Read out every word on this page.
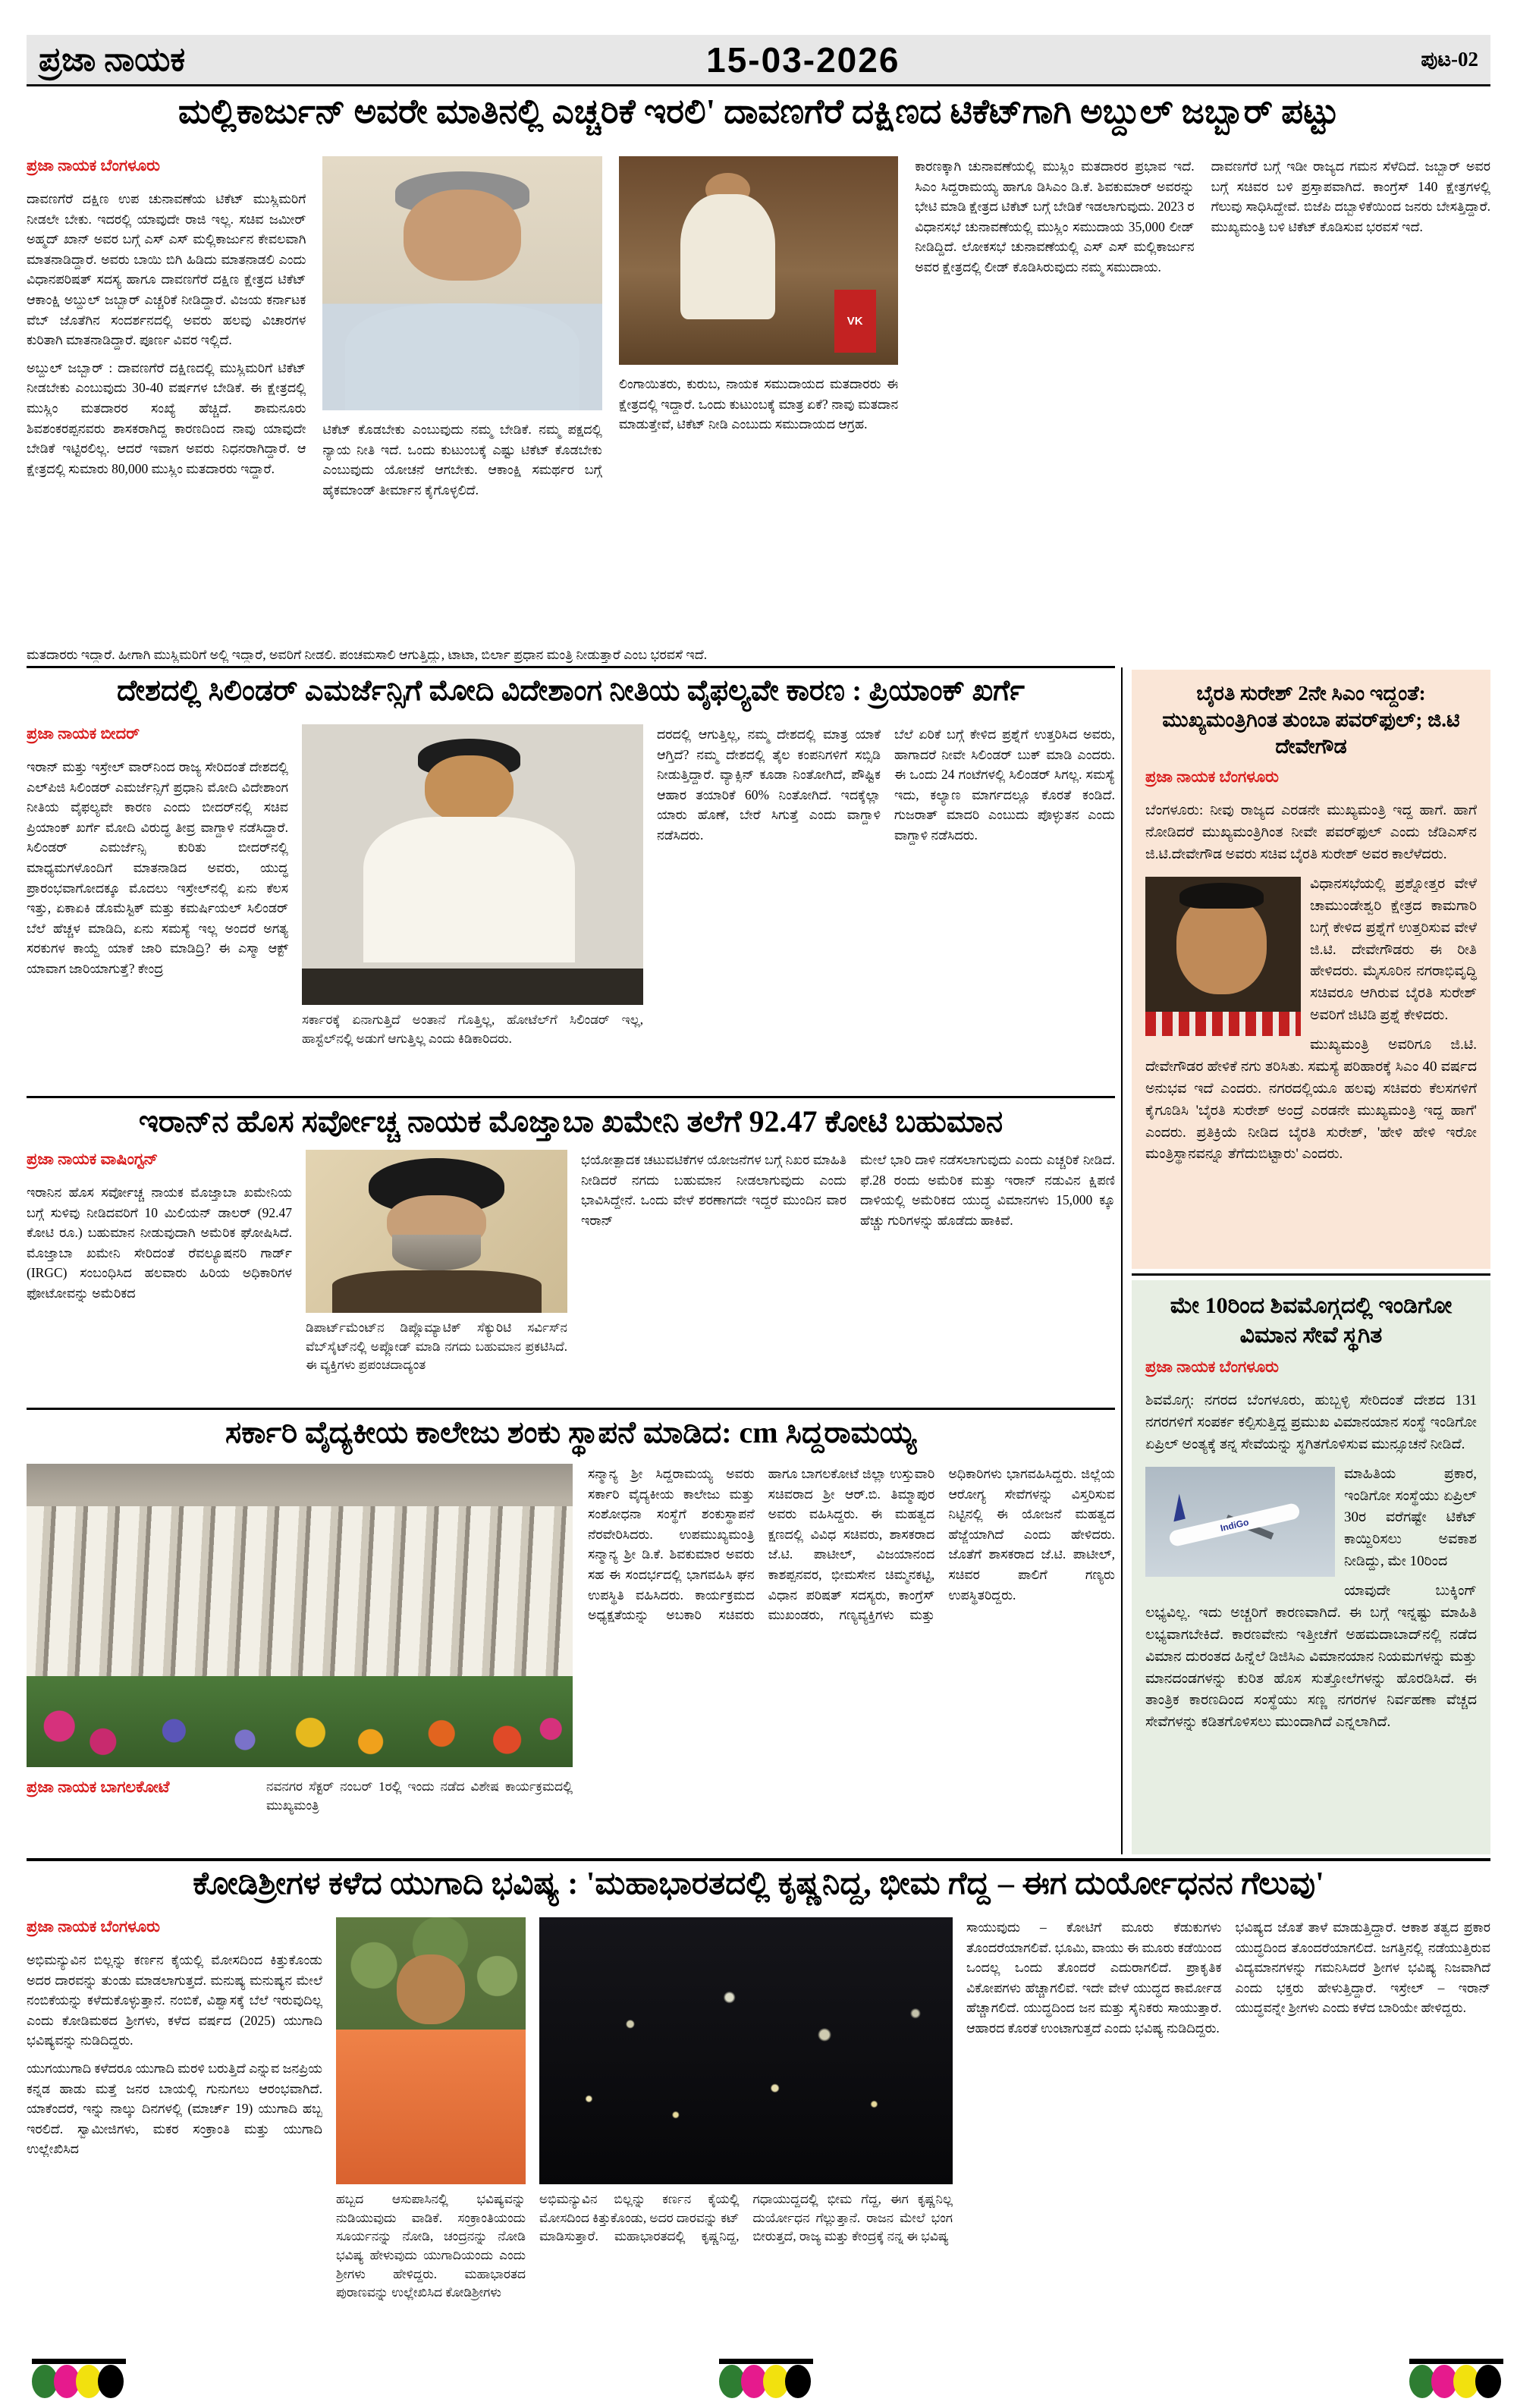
ಪ್ರಜಾ ನಾಯಕ	15-03-2026	ಪುಟ-02
ಮಲ್ಲಿಕಾರ್ಜುನ್ ಅವರೇ ಮಾತಿನಲ್ಲಿ ಎಚ್ಚರಿಕೆ ಇರಲಿ' ದಾವಣಗೆರೆ ದಕ್ಷಿಣದ ಟಿಕೆಟ್‌ಗಾಗಿ ಅಬ್ದುಲ್ ಜಬ್ಬಾರ್ ಪಟ್ಟು
ಪ್ರಜಾ ನಾಯಕ ಬೆಂಗಳೂರು

ದಾವಣಗೆರೆ ದಕ್ಷಿಣ ಉಪ ಚುನಾವಣೆಯ ಟಿಕೆಟ್ ಮುಸ್ಲಿಮರಿಗೆ ನೀಡಲೇ ಬೇಕು. ಇದರಲ್ಲಿ ಯಾವುದೇ ರಾಜಿ ಇಲ್ಲ. ಸಚಿವ ಜಮೀರ್ ಅಹ್ಮದ್ ಖಾನ್ ಅವರ ಬಗ್ಗೆ ಎಸ್ ಎಸ್ ಮಲ್ಲಿಕಾರ್ಜುನ ಕೇವಲವಾಗಿ ಮಾತನಾಡಿದ್ದಾರೆ. ಅವರು ಬಾಯಿ ಬಿಗಿ ಹಿಡಿದು ಮಾತನಾಡಲಿ ಎಂದು ವಿಧಾನಪರಿಷತ್ ಸದಸ್ಯ ಹಾಗೂ ದಾವಣಗೆರೆ ದಕ್ಷಿಣ ಕ್ಷೇತ್ರದ ಟಿಕೆಟ್ ಆಕಾಂಕ್ಷಿ ಅಬ್ದುಲ್ ಜಬ್ಬಾರ್ ಎಚ್ಚರಿಕೆ ನೀಡಿದ್ದಾರೆ. ವಿಜಯ ಕರ್ನಾಟಕ ವೆಬ್ ಜೊತೆಗಿನ ಸಂದರ್ಶನದಲ್ಲಿ ಅವರು ಹಲವು ವಿಚಾರಗಳ ಕುರಿತಾಗಿ ಮಾತನಾಡಿದ್ದಾರೆ. ಪೂರ್ಣ ವಿವರ ಇಲ್ಲಿದೆ.

ಅಬ್ದುಲ್ ಜಬ್ಬಾರ್ : ದಾವಣಗೆರೆ ದಕ್ಷಿಣದಲ್ಲಿ ಮುಸ್ಲಿಮರಿಗೆ ಟಿಕೆಟ್ ನೀಡಬೇಕು ಎಂಬುವುದು 30-40 ವರ್ಷಗಳ ಬೇಡಿಕೆ. ಈ ಕ್ಷೇತ್ರದಲ್ಲಿ ಮುಸ್ಲಿಂ ಮತದಾರರ ಸಂಖ್ಯೆ ಹೆಚ್ಚಿದೆ. ಶಾಮನೂರು ಶಿವಶಂಕರಪ್ಪನವರು ಶಾಸಕರಾಗಿದ್ದ ಕಾರಣದಿಂದ ನಾವು ಯಾವುದೇ ಬೇಡಿಕೆ ಇಟ್ಟಿರಲಿಲ್ಲ. ಆದರೆ ಇವಾಗ ಅವರು ನಿಧನರಾಗಿದ್ದಾರೆ. ಆ ಕ್ಷೇತ್ರದಲ್ಲಿ ಸುಮಾರು 80,000 ಮುಸ್ಲಿಂ ಮತದಾರರು ಇದ್ದಾರೆ.

ಟಿಕೆಟ್ ಕೊಡಬೇಕು ಎಂಬುವುದು ನಮ್ಮ ಬೇಡಿಕೆ. ನಮ್ಮ ಪಕ್ಷದಲ್ಲಿ ನ್ಯಾಯ ನೀತಿ ಇದೆ. ಒಂದು ಕುಟುಂಬಕ್ಕೆ ಎಷ್ಟು ಟಿಕೆಟ್ ಕೊಡಬೇಕು ಎಂಬುವುದು ಯೋಚನೆ ಆಗಬೇಕು. ಆಕಾಂಕ್ಷಿ ಸಮರ್ಥರ ಬಗ್ಗೆ ಹೈಕಮಾಂಡ್ ತೀರ್ಮಾನ ಕೈಗೊಳ್ಳಲಿದೆ.

VK

ಲಿಂಗಾಯಿತರು, ಕುರುಬ, ನಾಯಕ ಸಮುದಾಯದ ಮತದಾರರು ಈ ಕ್ಷೇತ್ರದಲ್ಲಿ ಇದ್ದಾರೆ. ಒಂದು ಕುಟುಂಬಕ್ಕೆ ಮಾತ್ರ ಏಕೆ? ನಾವು ಮತದಾನ ಮಾಡುತ್ತೇವೆ, ಟಿಕೆಟ್ ನೀಡಿ ಎಂಬುದು ಸಮುದಾಯದ ಆಗ್ರಹ.

ಕಾರಣಕ್ಕಾಗಿ ಚುನಾವಣೆಯಲ್ಲಿ ಮುಸ್ಲಿಂ ಮತದಾರರ ಪ್ರಭಾವ ಇದೆ. ಸಿಎಂ ಸಿದ್ದರಾಮಯ್ಯ ಹಾಗೂ ಡಿಸಿಎಂ ಡಿ.ಕೆ. ಶಿವಕುಮಾರ್ ಅವರನ್ನು ಭೇಟಿ ಮಾಡಿ ಕ್ಷೇತ್ರದ ಟಿಕೆಟ್ ಬಗ್ಗೆ ಬೇಡಿಕೆ ಇಡಲಾಗುವುದು. 2023 ರ ವಿಧಾನಸಭೆ ಚುನಾವಣೆಯಲ್ಲಿ ಮುಸ್ಲಿಂ ಸಮುದಾಯ 35,000 ಲೀಡ್ ನೀಡಿದ್ದಿದೆ. ಲೋಕಸಭೆ ಚುನಾವಣೆಯಲ್ಲಿ ಎಸ್ ಎಸ್ ಮಲ್ಲಿಕಾರ್ಜುನ ಅವರ ಕ್ಷೇತ್ರದಲ್ಲಿ ಲೀಡ್ ಕೊಡಿಸಿರುವುದು ನಮ್ಮ ಸಮುದಾಯ.

ದಾವಣಗೆರೆ ಬಗ್ಗೆ ಇಡೀ ರಾಜ್ಯದ ಗಮನ ಸೆಳೆದಿದೆ. ಜಬ್ಬಾರ್ ಅವರ ಬಗ್ಗೆ ಸಚಿವರ ಬಳಿ ಪ್ರಸ್ತಾಪವಾಗಿದೆ. ಕಾಂಗ್ರೆಸ್ 140 ಕ್ಷೇತ್ರಗಳಲ್ಲಿ ಗೆಲುವು ಸಾಧಿಸಿದ್ದೇವೆ. ಬಿಜೆಪಿ ದಬ್ಬಾಳಿಕೆಯಿಂದ ಜನರು ಬೇಸತ್ತಿದ್ದಾರೆ. ಮುಖ್ಯಮಂತ್ರಿ ಬಳಿ ಟಿಕೆಟ್ ಕೊಡಿಸುವ ಭರವಸೆ ಇದೆ.

ಮತದಾರರು ಇದ್ದಾರೆ. ಹೀಗಾಗಿ ಮುಸ್ಲಿಮರಿಗೆ ಅಲ್ಲಿ ಇದ್ದಾರೆ, ಅವರಿಗೆ ನೀಡಲಿ. ಪಂಚಮಸಾಲಿ ಆಗುತ್ತಿದ್ದು, ಟಾಟಾ, ಬಿರ್ಲಾ ಪ್ರಧಾನ ಮಂತ್ರಿ ನೀಡುತ್ತಾರೆ ಎಂಬ ಭರವಸೆ ಇದೆ.
ದೇಶದಲ್ಲಿ ಸಿಲಿಂಡರ್ ಎಮರ್ಜೆನ್ಸಿಗೆ ಮೋದಿ ವಿದೇಶಾಂಗ ನೀತಿಯ ವೈಫಲ್ಯವೇ ಕಾರಣ : ಪ್ರಿಯಾಂಕ್ ಖರ್ಗೆ
ಪ್ರಜಾ ನಾಯಕ ಬೀದರ್

ಇರಾನ್ ಮತ್ತು ಇಸ್ರೇಲ್ ವಾರ್‌ನಿಂದ ರಾಜ್ಯ ಸೇರಿದಂತೆ ದೇಶದಲ್ಲಿ ಎಲ್‌ಪಿಜಿ ಸಿಲಿಂಡರ್ ಎಮರ್ಜೆನ್ಸಿಗೆ ಪ್ರಧಾನಿ ಮೋದಿ ವಿದೇಶಾಂಗ ನೀತಿಯ ವೈಫಲ್ಯವೇ ಕಾರಣ ಎಂದು ಬೀದರ್‌ನಲ್ಲಿ ಸಚಿವ ಪ್ರಿಯಾಂಕ್ ಖರ್ಗೆ ಮೋದಿ ವಿರುದ್ಧ ತೀವ್ರ ವಾಗ್ದಾಳಿ ನಡೆಸಿದ್ದಾರೆ. ಸಿಲಿಂಡರ್ ಎಮರ್ಜೆನ್ಸಿ ಕುರಿತು ಬೀದರ್‌ನಲ್ಲಿ ಮಾಧ್ಯಮಗಳೊಂದಿಗೆ ಮಾತನಾಡಿದ ಅವರು, ಯುದ್ಧ ಪ್ರಾರಂಭವಾಗೋದಕ್ಕೂ ಮೊದಲು ಇಸ್ರೇಲ್‌ನಲ್ಲಿ ಏನು ಕೆಲಸ ಇತ್ತು, ಏಕಾಏಕಿ ಡೊಮೆಸ್ಟಿಕ್ ಮತ್ತು ಕಮರ್ಷಿಯಲ್ ಸಿಲಿಂಡರ್ ಬೆಲೆ ಹೆಚ್ಚಳ ಮಾಡಿದಿ, ಏನು ಸಮಸ್ಯೆ ಇಲ್ಲ ಅಂದರೆ ಅಗತ್ಯ ಸರಕುಗಳ ಕಾಯ್ದೆ ಯಾಕೆ ಜಾರಿ ಮಾಡಿದ್ರಿ? ಈ ಎಸ್ಮಾ ಆಕ್ಟ್ ಯಾವಾಗ ಜಾರಿಯಾಗುತ್ತೆ? ಕೇಂದ್ರ

ಸರ್ಕಾರಕ್ಕೆ ಏನಾಗುತ್ತಿದೆ ಅಂತಾನೆ ಗೊತ್ತಿಲ್ಲ, ಹೋಟೆಲ್‌ಗೆ ಸಿಲಿಂಡರ್ ಇಲ್ಲ, ಹಾಸ್ಟೆಲ್‌ನಲ್ಲಿ ಅಡುಗೆ ಆಗುತ್ತಿಲ್ಲ ಎಂದು ಕಿಡಿಕಾರಿದರು.

ದರದಲ್ಲಿ ಆಗುತ್ತಿಲ್ಲ, ನಮ್ಮ ದೇಶದಲ್ಲಿ ಮಾತ್ರ ಯಾಕೆ ಆಗ್ತಿದೆ? ನಮ್ಮ ದೇಶದಲ್ಲಿ ತೈಲ ಕಂಪನಿಗಳಿಗೆ ಸಬ್ಸಿಡಿ ನೀಡುತ್ತಿದ್ದಾರೆ. ವ್ಯಾಕ್ಸಿನ್ ಕೂಡಾ ನಿಂತೋಗಿದೆ, ಪೌಷ್ಟಿಕ ಆಹಾರ ತಯಾರಿಕೆ 60% ನಿಂತೋಗಿದೆ. ಇದಕ್ಕೆಲ್ಲಾ ಯಾರು ಹೊಣೆ, ಬೇರೆ ಸಿಗುತ್ತೆ ಎಂದು ವಾಗ್ದಾಳಿ ನಡೆಸಿದರು.

ಬೆಲೆ ಏರಿಕೆ ಬಗ್ಗೆ ಕೇಳಿದ ಪ್ರಶ್ನೆಗೆ ಉತ್ತರಿಸಿದ ಅವರು, ಹಾಗಾದರೆ ನೀವೇ ಸಿಲಿಂಡರ್ ಬುಕ್ ಮಾಡಿ ಎಂದರು. ಈ ಒಂದು 24 ಗಂಟೆಗಳಲ್ಲಿ ಸಿಲಿಂಡರ್ ಸಿಗಲ್ಲ. ಸಮಸ್ಯೆ ಇದು, ಕಲ್ಯಾಣ ಮಾರ್ಗದಲ್ಲೂ ಕೊರತೆ ಕಂಡಿದೆ. ಗುಜರಾತ್ ಮಾದರಿ ಎಂಬುದು ಪೊಳ್ಳುತನ ಎಂದು ವಾಗ್ದಾಳಿ ನಡೆಸಿದರು.

ಇರಾನ್‌ನ ಹೊಸ ಸರ್ವೋಚ್ಚ ನಾಯಕ ಮೊಜ್ತಾಬಾ ಖಮೇನಿ ತಲೆಗೆ 92.47 ಕೋಟಿ ಬಹುಮಾನ
ಪ್ರಜಾ ನಾಯಕ ವಾಷಿಂಗ್ಟನ್

ಇರಾನಿನ ಹೊಸ ಸರ್ವೋಚ್ಚ ನಾಯಕ ಮೊಜ್ತಾಬಾ ಖಮೇನಿಯ ಬಗ್ಗೆ ಸುಳಿವು ನೀಡಿದವರಿಗೆ 10 ಮಿಲಿಯನ್ ಡಾಲರ್ (92.47 ಕೋಟಿ ರೂ.) ಬಹುಮಾನ ನೀಡುವುದಾಗಿ ಅಮೆರಿಕ ಘೋಷಿಸಿದೆ. ಮೊಜ್ತಾಬಾ ಖಮೇನಿ ಸೇರಿದಂತೆ ರೆವಲ್ಯೂಷನರಿ ಗಾರ್ಡ್ (IRGC) ಸಂಬಂಧಿಸಿದ ಹಲವಾರು ಹಿರಿಯ ಅಧಿಕಾರಿಗಳ ಫೋಟೋವನ್ನು ಅಮೆರಿಕದ

ಡಿಪಾರ್ಟ್‌ಮೆಂಟ್‌ನ ಡಿಪ್ಲೊಮ್ಯಾಟಿಕ್ ಸೆಕ್ಯುರಿಟಿ ಸರ್ವಿಸ್‌ನ ವೆಬ್‌ಸೈಟ್‌ನಲ್ಲಿ ಅಪ್ಲೋಡ್ ಮಾಡಿ ನಗದು ಬಹುಮಾನ ಪ್ರಕಟಿಸಿದೆ. ಈ ವ್ಯಕ್ತಿಗಳು ಪ್ರಪಂಚದಾದ್ಯಂತ

ಭಯೋತ್ಪಾದಕ ಚಟುವಟಿಕೆಗಳ ಯೋಜನೆಗಳ ಬಗ್ಗೆ ನಿಖರ ಮಾಹಿತಿ ನೀಡಿದರೆ ನಗದು ಬಹುಮಾನ ನೀಡಲಾಗುವುದು ಎಂದು ಭಾವಿಸಿದ್ದೇನೆ. ಒಂದು ವೇಳೆ ಶರಣಾಗದೇ ಇದ್ದರೆ ಮುಂದಿನ ವಾರ ಇರಾನ್

ಮೇಲೆ ಭಾರಿ ದಾಳಿ ನಡೆಸಲಾಗುವುದು ಎಂದು ಎಚ್ಚರಿಕೆ ನೀಡಿದೆ. ಫೆ.28 ರಂದು ಅಮೆರಿಕ ಮತ್ತು ಇರಾನ್ ನಡುವಿನ ಕ್ಷಿಪಣಿ ದಾಳಿಯಲ್ಲಿ ಅಮೆರಿಕದ ಯುದ್ಧ ವಿಮಾನಗಳು 15,000 ಕ್ಕೂ ಹೆಚ್ಚು ಗುರಿಗಳನ್ನು ಹೊಡೆದು ಹಾಕಿವೆ.

ಸರ್ಕಾರಿ ವೈದ್ಯಕೀಯ ಕಾಲೇಜು ಶಂಕು ಸ್ಥಾಪನೆ ಮಾಡಿದ: cm ಸಿದ್ದರಾಮಯ್ಯ
ಪ್ರಜಾ ನಾಯಕ ಬಾಗಲಕೋಟೆ	ನವನಗರ ಸೆಕ್ಟರ್ ನಂಬರ್ 1ರಲ್ಲಿ ಇಂದು ನಡೆದ ವಿಶೇಷ ಕಾರ್ಯಕ್ರಮದಲ್ಲಿ ಮುಖ್ಯಮಂತ್ರಿ
ಸನ್ಮಾನ್ಯ ಶ್ರೀ ಸಿದ್ದರಾಮಯ್ಯ ಅವರು ಸರ್ಕಾರಿ ವೈದ್ಯಕೀಯ ಕಾಲೇಜು ಮತ್ತು ಸಂಶೋಧನಾ ಸಂಸ್ಥೆಗೆ ಶಂಕುಸ್ಥಾಪನೆ ನೆರವೇರಿಸಿದರು. ಉಪಮುಖ್ಯಮಂತ್ರಿ ಸನ್ಮಾನ್ಯ ಶ್ರೀ ಡಿ.ಕೆ. ಶಿವಕುಮಾರ ಅವರು ಸಹ ಈ ಸಂದರ್ಭದಲ್ಲಿ ಭಾಗವಹಿಸಿ ಘನ ಉಪಸ್ಥಿತಿ ವಹಿಸಿದರು. ಕಾರ್ಯಕ್ರಮದ ಅಧ್ಯಕ್ಷತೆಯನ್ನು ಅಬಕಾರಿ ಸಚಿವರು ಹಾಗೂ ಬಾಗಲಕೋಟೆ ಜಿಲ್ಲಾ ಉಸ್ತುವಾರಿ ಸಚಿವರಾದ ಶ್ರೀ ಆರ್.ಬಿ. ತಿಮ್ಮಾಪುರ ಅವರು ವಹಿಸಿದ್ದರು. ಈ ಮಹತ್ವದ ಕ್ಷಣದಲ್ಲಿ ವಿವಿಧ ಸಚಿವರು, ಶಾಸಕರಾದ ಜೆ.ಟಿ. ಪಾಟೀಲ್, ವಿಜಯಾನಂದ ಕಾಶಪ್ಪನವರ, ಭೀಮಸೇನ ಚಿಮ್ಮನಕಟ್ಟಿ, ವಿಧಾನ ಪರಿಷತ್ ಸದಸ್ಯರು, ಕಾಂಗ್ರೆಸ್ ಮುಖಂಡರು, ಗಣ್ಯವ್ಯಕ್ತಿಗಳು ಮತ್ತು ಅಧಿಕಾರಿಗಳು ಭಾಗವಹಿಸಿದ್ದರು. ಜಿಲ್ಲೆಯ ಆರೋಗ್ಯ ಸೇವೆಗಳನ್ನು ವಿಸ್ತರಿಸುವ ನಿಟ್ಟಿನಲ್ಲಿ ಈ ಯೋಜನೆ ಮಹತ್ವದ ಹೆಜ್ಜೆಯಾಗಿದೆ ಎಂದು ಹೇಳಿದರು. ಜೊತೆಗೆ ಶಾಸಕರಾದ ಜೆ.ಟಿ. ಪಾಟೀಲ್, ಸಚಿವರ ಪಾಲಿಗೆ ಗಣ್ಯರು ಉಪಸ್ಥಿತರಿದ್ದರು.
ಬೈರತಿ ಸುರೇಶ್ 2ನೇ ಸಿಎಂ ಇದ್ದಂತೆ: ಮುಖ್ಯಮಂತ್ರಿಗಿಂತ ತುಂಬಾ ಪವರ್‌ಫುಲ್; ಜಿ.ಟಿ ದೇವೇಗೌಡ
ಪ್ರಜಾ ನಾಯಕ ಬೆಂಗಳೂರು

ಬೆಂಗಳೂರು: ನೀವು ರಾಜ್ಯದ ಎರಡನೇ ಮುಖ್ಯಮಂತ್ರಿ ಇದ್ದ ಹಾಗೆ. ಹಾಗೆ ನೋಡಿದರೆ ಮುಖ್ಯಮಂತ್ರಿಗಿಂತ ನೀವೇ ಪವರ್‌ಫುಲ್ ಎಂದು ಜೆಡಿಎಸ್‌ನ ಜಿ.ಟಿ.ದೇವೇಗೌಡ ಅವರು ಸಚಿವ ಬೈರತಿ ಸುರೇಶ್ ಅವರ ಕಾಲೆಳೆದರು.

ವಿಧಾನಸಭೆಯಲ್ಲಿ ಪ್ರಶ್ನೋತ್ತರ ವೇಳೆ ಚಾಮುಂಡೇಶ್ವರಿ ಕ್ಷೇತ್ರದ ಕಾಮಗಾರಿ ಬಗ್ಗೆ ಕೇಳಿದ ಪ್ರಶ್ನೆಗೆ ಉತ್ತರಿಸುವ ವೇಳೆ ಜಿ.ಟಿ. ದೇವೇಗೌಡರು ಈ ರೀತಿ ಹೇಳಿದರು. ಮೈಸೂರಿನ ನಗರಾಭಿವೃದ್ಧಿ ಸಚಿವರೂ ಆಗಿರುವ ಬೈರತಿ ಸುರೇಶ್ ಅವರಿಗೆ ಜಿಟಿಡಿ ಪ್ರಶ್ನೆ ಕೇಳಿದರು.

ಮುಖ್ಯಮಂತ್ರಿ ಅವರಿಗೂ ಜಿ.ಟಿ. ದೇವೇಗೌಡರ ಹೇಳಿಕೆ ನಗು ತರಿಸಿತು. ಸಮಸ್ಯೆ ಪರಿಹಾರಕ್ಕೆ ಸಿಎಂ 40 ವರ್ಷದ ಅನುಭವ ಇದೆ ಎಂದರು. ನಗರದಲ್ಲಿಯೂ ಹಲವು ಸಚಿವರು ಕೆಲಸಗಳಿಗೆ ಕೈಗೂಡಿಸಿ 'ಬೈರತಿ ಸುರೇಶ್ ಅಂದ್ರೆ ಎರಡನೇ ಮುಖ್ಯಮಂತ್ರಿ ಇದ್ದ ಹಾಗೆ' ಎಂದರು. ಪ್ರತಿಕ್ರಿಯೆ ನೀಡಿದ ಬೈರತಿ ಸುರೇಶ್, 'ಹೇಳಿ ಹೇಳಿ ಇರೋ ಮಂತ್ರಿಸ್ಥಾನವನ್ನೂ ತೆಗೆದುಬಿಟ್ಟಾರು' ಎಂದರು.

ಮೇ 10ರಿಂದ ಶಿವಮೊಗ್ಗದಲ್ಲಿ ಇಂಡಿಗೋ ವಿಮಾನ ಸೇವೆ ಸ್ಥಗಿತ
ಪ್ರಜಾ ನಾಯಕ ಬೆಂಗಳೂರು

ಶಿವಮೊಗ್ಗ: ನಗರದ ಬೆಂಗಳೂರು, ಹುಬ್ಬಳ್ಳಿ ಸೇರಿದಂತೆ ದೇಶದ 131 ನಗರಗಳಿಗೆ ಸಂಪರ್ಕ ಕಲ್ಪಿಸುತ್ತಿದ್ದ ಪ್ರಮುಖ ವಿಮಾನಯಾನ ಸಂಸ್ಥೆ ಇಂಡಿಗೋ ಏಪ್ರಿಲ್ ಅಂತ್ಯಕ್ಕೆ ತನ್ನ ಸೇವೆಯನ್ನು ಸ್ಥಗಿತಗೊಳಿಸುವ ಮುನ್ಸೂಚನೆ ನೀಡಿದೆ.

IndiGo

ಮಾಹಿತಿಯ ಪ್ರಕಾರ, ಇಂಡಿಗೋ ಸಂಸ್ಥೆಯು ಏಪ್ರಿಲ್ 30ರ ವರೆಗಷ್ಟೇ ಟಿಕೆಟ್ ಕಾಯ್ದಿರಿಸಲು ಅವಕಾಶ ನೀಡಿದ್ದು, ಮೇ 10ರಿಂದ

ಯಾವುದೇ ಬುಕ್ಕಿಂಗ್ ಲಭ್ಯವಿಲ್ಲ. ಇದು ಅಚ್ಚರಿಗೆ ಕಾರಣವಾಗಿದೆ. ಈ ಬಗ್ಗೆ ಇನ್ನಷ್ಟು ಮಾಹಿತಿ ಲಭ್ಯವಾಗಬೇಕಿದೆ. ಕಾರಣವೇನು ಇತ್ತೀಚೆಗೆ ಅಹಮದಾಬಾದ್‌ನಲ್ಲಿ ನಡೆದ ವಿಮಾನ ದುರಂತದ ಹಿನ್ನೆಲೆ ಡಿಜಿಸಿಎ ವಿಮಾನಯಾನ ನಿಯಮಗಳನ್ನು ಮತ್ತು ಮಾನದಂಡಗಳನ್ನು ಕುರಿತ ಹೊಸ ಸುತ್ತೋಲೆಗಳನ್ನು ಹೊರಡಿಸಿದೆ. ಈ ತಾಂತ್ರಿಕ ಕಾರಣದಿಂದ ಸಂಸ್ಥೆಯು ಸಣ್ಣ ನಗರಗಳ ನಿರ್ವಹಣಾ ವೆಚ್ಚದ ಸೇವೆಗಳನ್ನು ಕಡಿತಗೊಳಿಸಲು ಮುಂದಾಗಿದೆ ಎನ್ನಲಾಗಿದೆ.

ಕೋಡಿಶ್ರೀಗಳ ಕಳೆದ ಯುಗಾದಿ ಭವಿಷ್ಯ : 'ಮಹಾಭಾರತದಲ್ಲಿ ಕೃಷ್ಣನಿದ್ದ, ಭೀಮ ಗೆದ್ದ – ಈಗ ದುರ್ಯೋಧನನ ಗೆಲುವು'
ಪ್ರಜಾ ನಾಯಕ ಬೆಂಗಳೂರು

ಅಭಿಮನ್ಯುವಿನ ಬಿಲ್ಲನ್ನು ಕರ್ಣನ ಕೈಯಲ್ಲಿ ಮೋಸದಿಂದ ಕಿತ್ತುಕೊಂಡು ಅದರ ದಾರವನ್ನು ತುಂಡು ಮಾಡಲಾಗುತ್ತದೆ. ಮನುಷ್ಯ ಮನುಷ್ಯನ ಮೇಲೆ ನಂಬಿಕೆಯನ್ನು ಕಳೆದುಕೊಳ್ಳುತ್ತಾನೆ. ನಂಬಿಕೆ, ವಿಶ್ವಾಸಕ್ಕೆ ಬೆಲೆ ಇರುವುದಿಲ್ಲ ಎಂದು ಕೋಡಿಮಠದ ಶ್ರೀಗಳು, ಕಳೆದ ವರ್ಷದ (2025) ಯುಗಾದಿ ಭವಿಷ್ಯವನ್ನು ನುಡಿದಿದ್ದರು.

ಯುಗಯುಗಾದಿ ಕಳೆದರೂ ಯುಗಾದಿ ಮರಳಿ ಬರುತ್ತಿದೆ ಎನ್ನುವ ಜನಪ್ರಿಯ ಕನ್ನಡ ಹಾಡು ಮತ್ತೆ ಜನರ ಬಾಯಲ್ಲಿ ಗುನುಗಲು ಆರಂಭವಾಗಿದೆ. ಯಾಕೆಂದರೆ, ಇನ್ನು ನಾಲ್ಕು ದಿನಗಳಲ್ಲಿ (ಮಾರ್ಚ್ 19) ಯುಗಾದಿ ಹಬ್ಬ ಇರಲಿದೆ. ಸ್ವಾಮೀಜಿಗಳು, ಮಕರ ಸಂಕ್ರಾಂತಿ ಮತ್ತು ಯುಗಾದಿ ಉಲ್ಲೇಖಿಸಿದ

ಹಬ್ಬದ ಆಸುಪಾಸಿನಲ್ಲಿ ಭವಿಷ್ಯವನ್ನು ನುಡಿಯುವುದು ವಾಡಿಕೆ. ಸಂಕ್ರಾಂತಿಯಂದು ಸೂರ್ಯನನ್ನು ನೋಡಿ, ಚಂದ್ರನನ್ನು ನೋಡಿ ಭವಿಷ್ಯ ಹೇಳುವುದು ಯುಗಾದಿಯಂದು ಎಂದು ಶ್ರೀಗಳು ಹೇಳಿದ್ದರು. ಮಹಾಭಾರತದ ಪುರಾಣವನ್ನು ಉಲ್ಲೇಖಿಸಿದ ಕೋಡಿಶ್ರೀಗಳು
ಅಭಿಮನ್ಯುವಿನ ಬಿಲ್ಲನ್ನು ಕರ್ಣನ ಕೈಯಲ್ಲಿ ಮೋಸದಿಂದ ಕಿತ್ತುಕೊಂಡು, ಅದರ ದಾರವನ್ನು ಕಟ್ ಮಾಡಿಸುತ್ತಾರೆ. ಮಹಾಭಾರತದಲ್ಲಿ ಕೃಷ್ಣನಿದ್ದ, ಗಧಾಯುದ್ದದಲ್ಲಿ ಭೀಮ ಗೆದ್ದ, ಈಗ ಕೃಷ್ಣನಿಲ್ಲ ದುರ್ಯೋಧನ ಗೆಲ್ಲುತ್ತಾನೆ. ರಾಜನ ಮೇಲೆ ಭಂಗ ಬೀರುತ್ತದೆ, ರಾಜ್ಯ ಮತ್ತು ಕೇಂದ್ರಕ್ಕೆ ನನ್ನ ಈ ಭವಿಷ್ಯ

ಸಾಯುವುದು – ಕೋಟಿಗೆ ಮೂರು ಕೆಡುಕುಗಳು ತೊಂದರೆಯಾಗಲಿವೆ. ಭೂಮಿ, ವಾಯು ಈ ಮೂರು ಕಡೆಯಿಂದ ಒಂದಲ್ಲ ಒಂದು ತೊಂದರೆ ಎದುರಾಗಲಿದೆ. ಪ್ರಾಕೃತಿಕ ವಿಕೋಪಗಳು ಹೆಚ್ಚಾಗಲಿವೆ. ಇದೇ ವೇಳೆ ಯುದ್ಧದ ಕಾರ್ಮೋಡ ಹೆಚ್ಚಾಗಲಿದೆ. ಯುದ್ಧದಿಂದ ಜನ ಮತ್ತು ಸೈನಿಕರು ಸಾಯುತ್ತಾರೆ. ಆಹಾರದ ಕೊರತೆ ಉಂಟಾಗುತ್ತದೆ ಎಂದು ಭವಿಷ್ಯ ನುಡಿದಿದ್ದರು.

ಭವಿಷ್ಯದ ಜೊತೆ ತಾಳೆ ಮಾಡುತ್ತಿದ್ದಾರೆ. ಆಕಾಶ ತತ್ವದ ಪ್ರಕಾರ ಯುದ್ಧದಿಂದ ತೊಂದರೆಯಾಗಲಿದೆ. ಜಗತ್ತಿನಲ್ಲಿ ನಡೆಯುತ್ತಿರುವ ವಿದ್ಯಮಾನಗಳನ್ನು ಗಮನಿಸಿದರೆ ಶ್ರೀಗಳ ಭವಿಷ್ಯ ನಿಜವಾಗಿದೆ ಎಂದು ಭಕ್ತರು ಹೇಳುತ್ತಿದ್ದಾರೆ. ಇಸ್ರೇಲ್ – ಇರಾನ್ ಯುದ್ಧವನ್ನೇ ಶ್ರೀಗಳು ಎಂದು ಕಳೆದ ಬಾರಿಯೇ ಹೇಳಿದ್ದರು.
